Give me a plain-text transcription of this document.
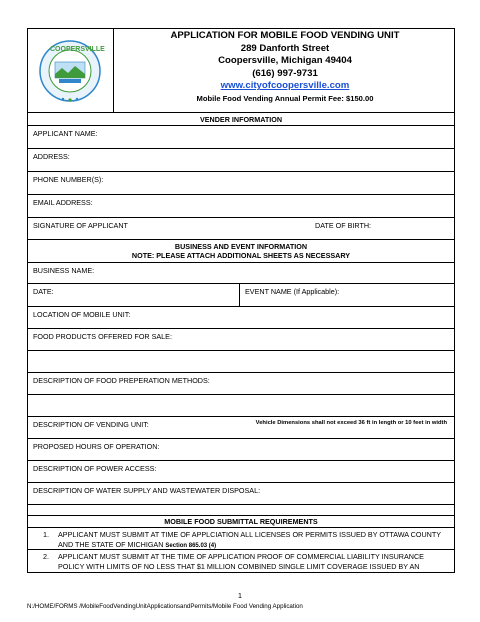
COOPERSVILLE
APPLICATION FOR MOBILE FOOD VENDING UNIT
289 Danforth Street
Coopersville, Michigan 49404
(616) 997-9731
www.cityofcoopersville.com
Mobile Food Vending Annual Permit Fee: $150.00
VENDER INFORMATION
APPLICANT NAME:
ADDRESS:
PHONE NUMBER(S):
EMAIL ADDRESS:
SIGNATURE OF APPLICANT	DATE OF BIRTH:
BUSINESS AND EVENT INFORMATION
NOTE: PLEASE ATTACH ADDITIONAL SHEETS AS NECESSARY
BUSINESS NAME:
DATE:	EVENT NAME (If Applicable):
LOCATION OF MOBILE UNIT:
FOOD PRODUCTS OFFERED FOR SALE:
DESCRIPTION OF FOOD PREPERATION METHODS:
DESCRIPTION OF VENDING UNIT:	Vehicle Dimensions shall not exceed 36 ft in length or 10 feet in width
PROPOSED HOURS OF OPERATION:
DESCRIPTION OF POWER ACCESS:
DESCRIPTION OF WATER SUPPLY AND WASTEWATER DISPOSAL:
MOBILE FOOD SUBMITTAL REQUIREMENTS
1. APPLICANT MUST SUBMIT AT TIME OF APPLCIATION ALL LICENSES OR PERMITS ISSUED BY OTTAWA COUNTY
AND THE STATE OF MICHIGAN Section 865.03 (4)
2. APPLICANT MUST SUBMIT AT THE TIME OF APPLICATION PROOF OF COMMERCIAL LIABILITY INSURANCE
POLICY WITH LIMITS OF NO LESS THAT $1 MILLION COMBINED SINGLE LIMIT COVERAGE ISSUED BY AN
1
N:/HOME/FORMS /MobileFoodVendingUnitApplicationsandPermits/Mobile Food Vending Application
